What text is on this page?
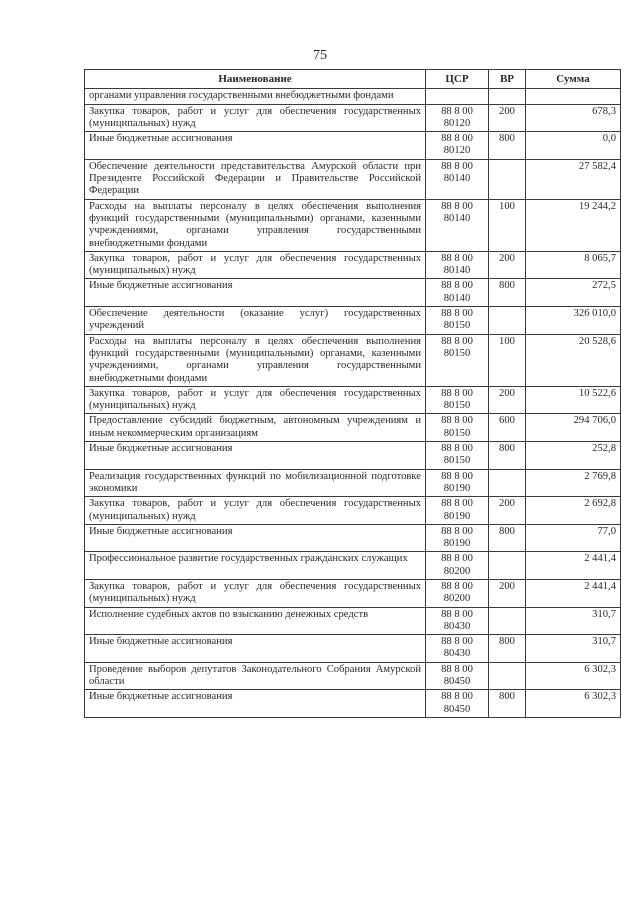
75
Наименование	ЦСР	ВР	Сумма
органами управления государственными внебюджетными фондами			
Закупка товаров, работ и услуг для обеспечения государственных (муниципальных) нужд	88 8 00 80120	200	678,3
Иные бюджетные ассигнования	88 8 00 80120	800	0,0
Обеспечение деятельности представительства Амурской области при Президенте Российской Федерации и Правительстве Российской Федерации	88 8 00 80140		27 582,4
Расходы на выплаты персоналу в целях обеспечения выполнения функций государственными (муниципальными) органами, казенными учреждениями, органами управления государственными внебюджетными фондами	88 8 00 80140	100	19 244,2
Закупка товаров, работ и услуг для обеспечения государственных (муниципальных) нужд	88 8 00 80140	200	8 065,7
Иные бюджетные ассигнования	88 8 00 80140	800	272,5
Обеспечение деятельности (оказание услуг) государственных учреждений	88 8 00 80150		326 010,0
Расходы на выплаты персоналу в целях обеспечения выполнения функций государственными (муниципальными) органами, казенными учреждениями, органами управления государственными внебюджетными фондами	88 8 00 80150	100	20 528,6
Закупка товаров, работ и услуг для обеспечения государственных (муниципальных) нужд	88 8 00 80150	200	10 522,6
Предоставление субсидий бюджетным, автономным учреждениям и иным некоммерческим организациям	88 8 00 80150	600	294 706,0
Иные бюджетные ассигнования	88 8 00 80150	800	252,8
Реализация государственных функций по мобилизационной подготовке экономики	88 8 00 80190		2 769,8
Закупка товаров, работ и услуг для обеспечения государственных (муниципальных) нужд	88 8 00 80190	200	2 692,8
Иные бюджетные ассигнования	88 8 00 80190	800	77,0
Профессиональное развитие государственных гражданских служащих	88 8 00 80200		2 441,4
Закупка товаров, работ и услуг для обеспечения государственных (муниципальных) нужд	88 8 00 80200	200	2 441,4
Исполнение судебных актов по взысканию денежных средств	88 8 00 80430		310,7
Иные бюджетные ассигнования	88 8 00 80430	800	310,7
Проведение выборов депутатов Законодательного Собрания Амурской области	88 8 00 80450		6 302,3
Иные бюджетные ассигнования	88 8 00 80450	800	6 302,3
